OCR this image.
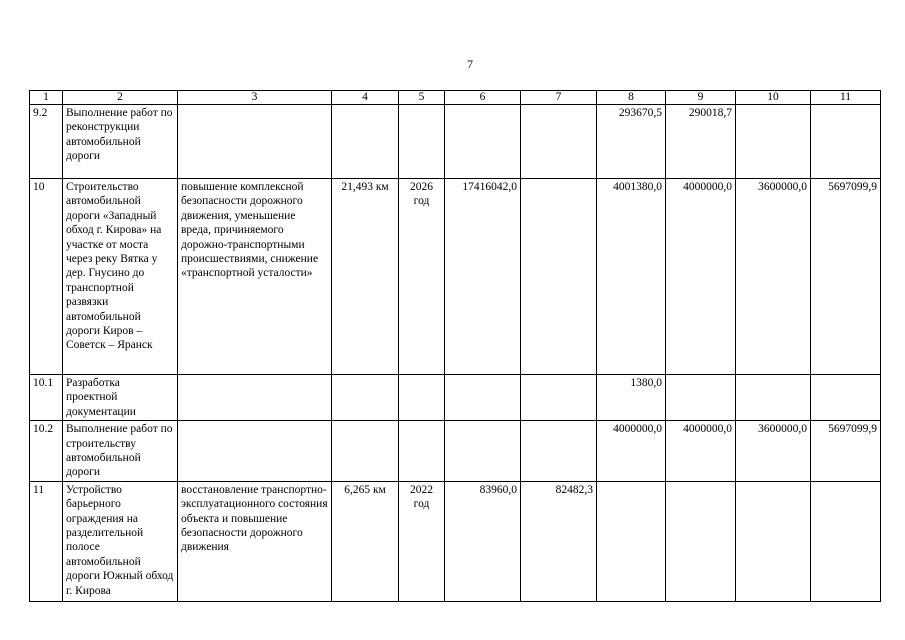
7
1	2	3	4	5	6	7	8	9	10	11
9.2	Выполнение работ по реконструкции автомобильной дороги						293670,5	290018,7		
10	Строительство автомобильной дороги «Западный обход г. Кирова» на участке от моста через реку Вятка у дер. Гнусино до транспортной развязки автомобильной дороги Киров – Советск – Яранск	повышение комплексной безопасности дорожного движения, уменьшение вреда, причиняемого дорожно-транспортными происшествиями, снижение «транспортной усталости»	21,493 км	2026 год	17416042,0		4001380,0	4000000,0	3600000,0	5697099,9
10.1	Разработка проектной документации						1380,0			
10.2	Выполнение работ по строительству автомобильной дороги						4000000,0	4000000,0	3600000,0	5697099,9
11	Устройство барьерного ограждения на разделительной полосе автомобильной дороги Южный обход г. Кирова	восстановление транспортно-эксплуатационного состояния объекта и повышение безопасности дорожного движения	6,265 км	2022 год	83960,0	82482,3				
